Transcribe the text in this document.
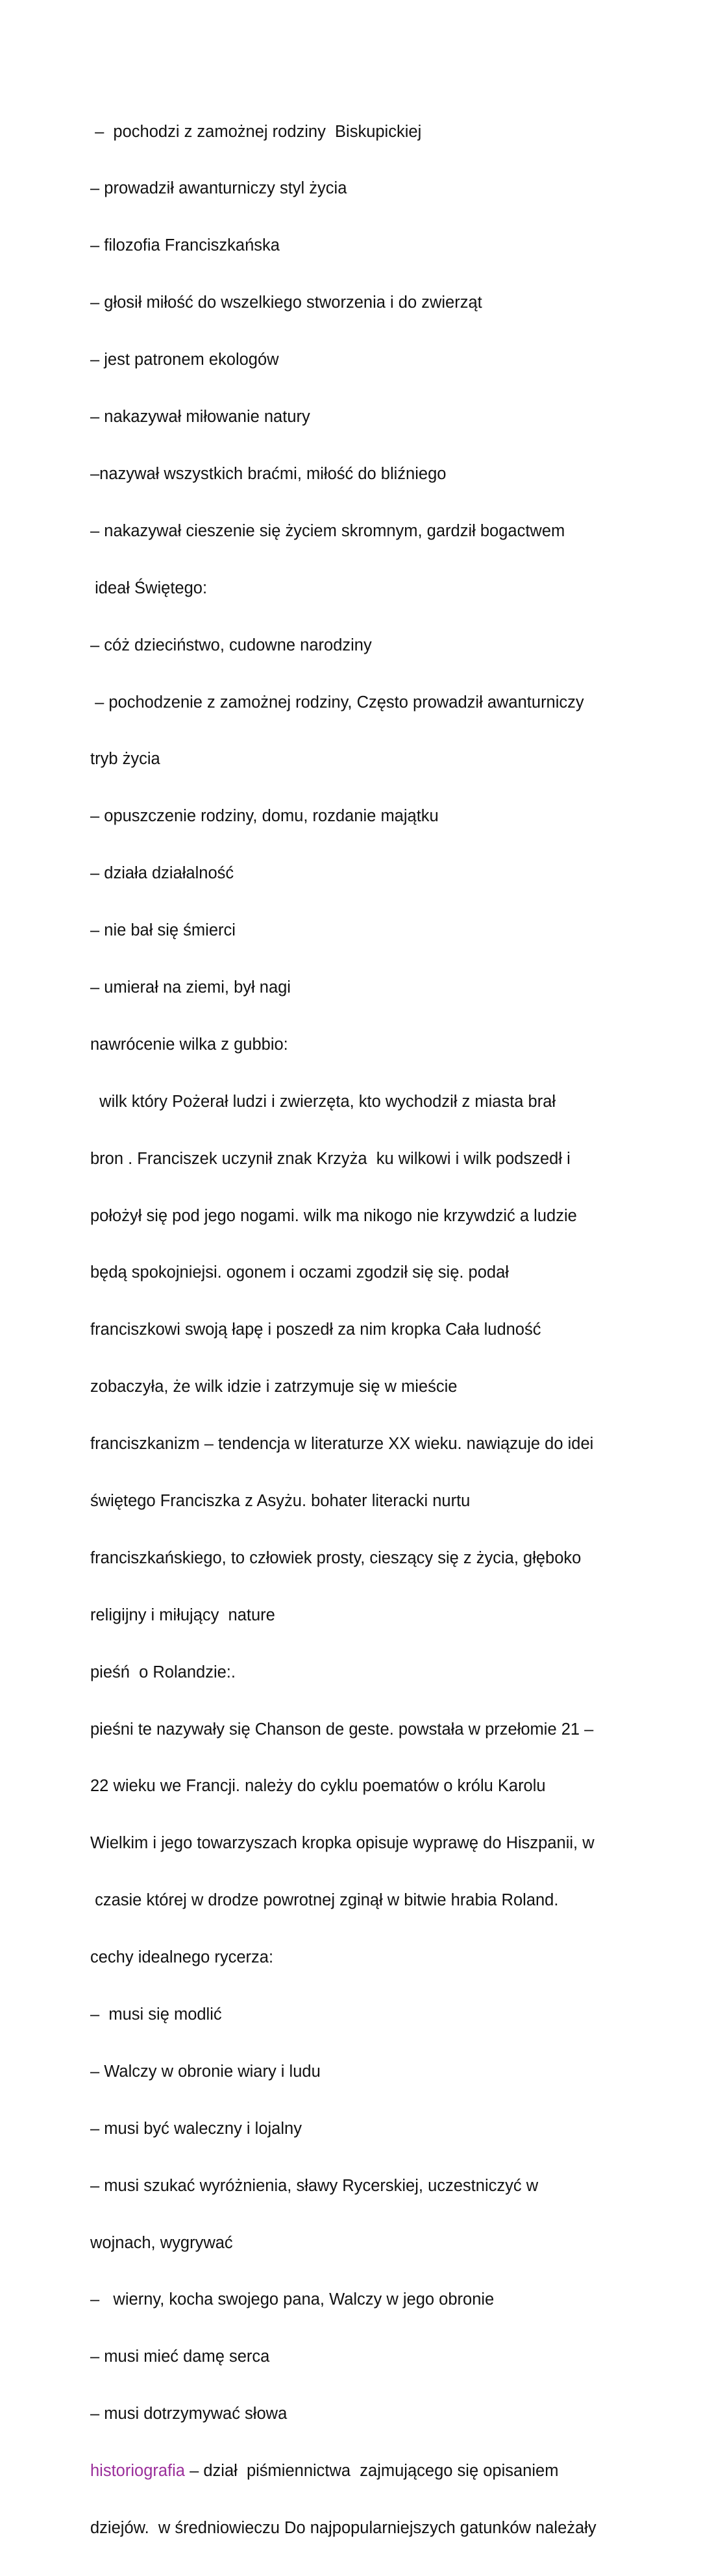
–  pochodzi z zamożnej rodziny  Biskupickiej

– prowadził awanturniczy styl życia

– filozofia Franciszkańska

– głosił miłość do wszelkiego stworzenia i do zwierząt

– jest patronem ekologów

– nakazywał miłowanie natury

–nazywał wszystkich braćmi, miłość do bliźniego

– nakazywał cieszenie się życiem skromnym, gardził bogactwem

ideał Świętego:

– cóż dzieciństwo, cudowne narodziny

– pochodzenie z zamożnej rodziny, Często prowadził awanturniczy

tryb życia

– opuszczenie rodziny, domu, rozdanie majątku

– działa działalność

– nie bał się śmierci

– umierał na ziemi, był nagi

nawrócenie wilka z gubbio:

wilk który Pożerał ludzi i zwierzęta, kto wychodził z miasta brał

bron . Franciszek uczynił znak Krzyża  ku wilkowi i wilk podszedł i

położył się pod jego nogami. wilk ma nikogo nie krzywdzić a ludzie

będą spokojniejsi. ogonem i oczami zgodził się się. podał

franciszkowi swoją łapę i poszedł za nim kropka Cała ludność

zobaczyła, że wilk idzie i zatrzymuje się w mieście

franciszkanizm – tendencja w literaturze XX wieku. nawiązuje do idei

świętego Franciszka z Asyżu. bohater literacki nurtu

franciszkańskiego, to człowiek prosty, cieszący się z życia, głęboko

religijny i miłujący  nature

pieśń  o Rolandzie:.

pieśni te nazywały się Chanson de geste. powstała w przełomie 21 –

22 wieku we Francji. należy do cyklu poematów o królu Karolu

Wielkim i jego towarzyszach kropka opisuje wyprawę do Hiszpanii, w

czasie której w drodze powrotnej zginął w bitwie hrabia Roland.

cechy idealnego rycerza:

–  musi się modlić

– Walczy w obronie wiary i ludu

– musi być waleczny i lojalny

– musi szukać wyróżnienia, sławy Rycerskiej, uczestniczyć w

wojnach, wygrywać

–   wierny, kocha swojego pana, Walczy w jego obronie

– musi mieć damę serca

– musi dotrzymywać słowa

historiografia – dział  piśmiennictwa  zajmującego się opisaniem

dziejów.  w średniowieczu Do najpopularniejszych gatunków należały
